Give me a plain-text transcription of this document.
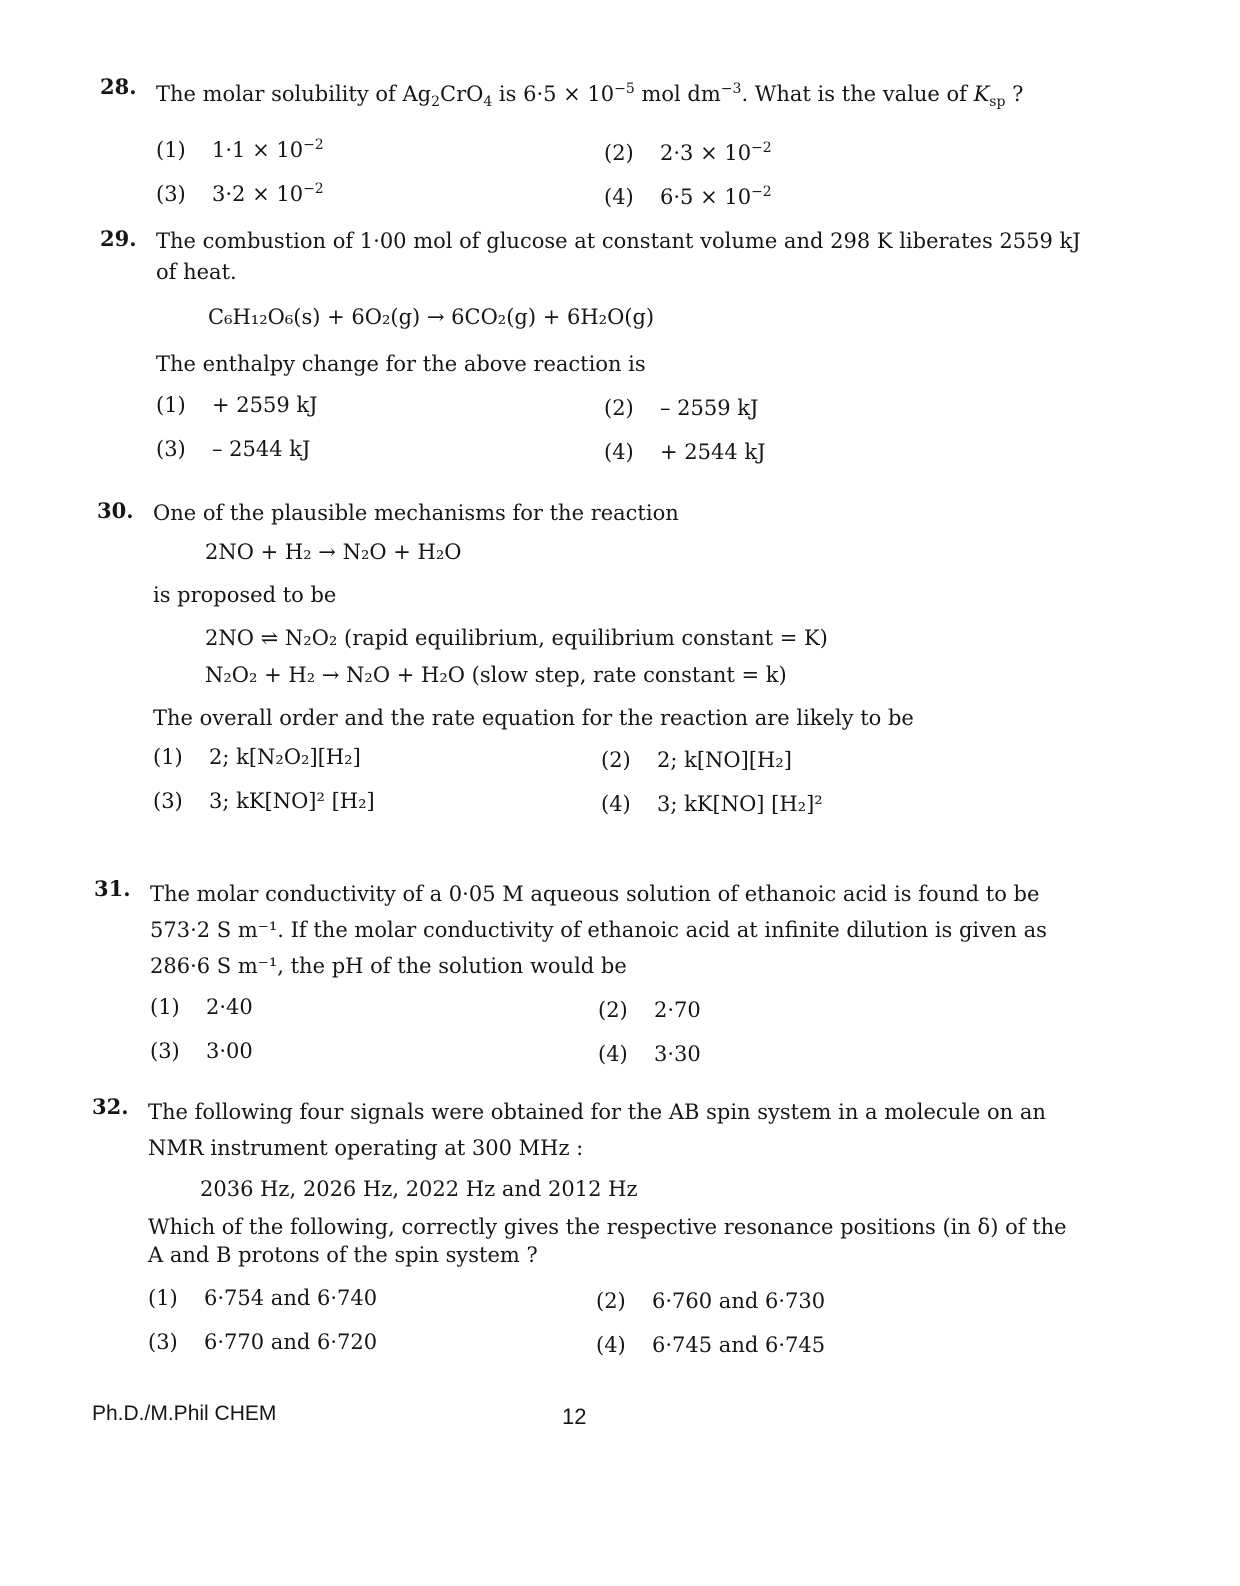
28. The molar solubility of $Ag_2CrO_4$ is $6\cdot 5 \times 10^{-5}$ mol $dm^{-3}$. What is the value of $K_{sp}$ ?
(1) $1\cdot 1 \times 10^{-2}$	(2) $2\cdot 3 \times 10^{-2}$
(3) $3\cdot 2 \times 10^{-2}$	(4) $6\cdot 5 \times 10^{-2}$
29. The combustion of 1·00 mol of glucose at constant volume and 298 K liberates 2559 kJ
of heat.
C₆H₁₂O₆(s) + 6O₂(g) → 6CO₂(g) + 6H₂O(g)
The enthalpy change for the above reaction is
(1) + 2559 kJ	(2) – 2559 kJ
(3) – 2544 kJ	(4) + 2544 kJ
30. One of the plausible mechanisms for the reaction
2NO + H₂ → N₂O + H₂O
is proposed to be
2NO ⇌ N₂O₂ (rapid equilibrium, equilibrium constant = K)
N₂O₂ + H₂ → N₂O + H₂O (slow step, rate constant = k)
The overall order and the rate equation for the reaction are likely to be
(1) 2; k[N₂O₂][H₂]	(2) 2; k[NO][H₂]
(3) 3; kK[NO]² [H₂]	(4) 3; kK[NO] [H₂]²
31. The molar conductivity of a 0·05 M aqueous solution of ethanoic acid is found to be
573·2 S m⁻¹. If the molar conductivity of ethanoic acid at infinite dilution is given as
286·6 S m⁻¹, the pH of the solution would be
(1) 2·40	(2) 2·70
(3) 3·00	(4) 3·30
32. The following four signals were obtained for the AB spin system in a molecule on an
NMR instrument operating at 300 MHz :
2036 Hz, 2026 Hz, 2022 Hz and 2012 Hz
Which of the following, correctly gives the respective resonance positions (in δ) of the
A and B protons of the spin system ?
(1) 6·754 and 6·740	(2) 6·760 and 6·730
(3) 6·770 and 6·720	(4) 6·745 and 6·745
Ph.D./M.Phil CHEM	12
